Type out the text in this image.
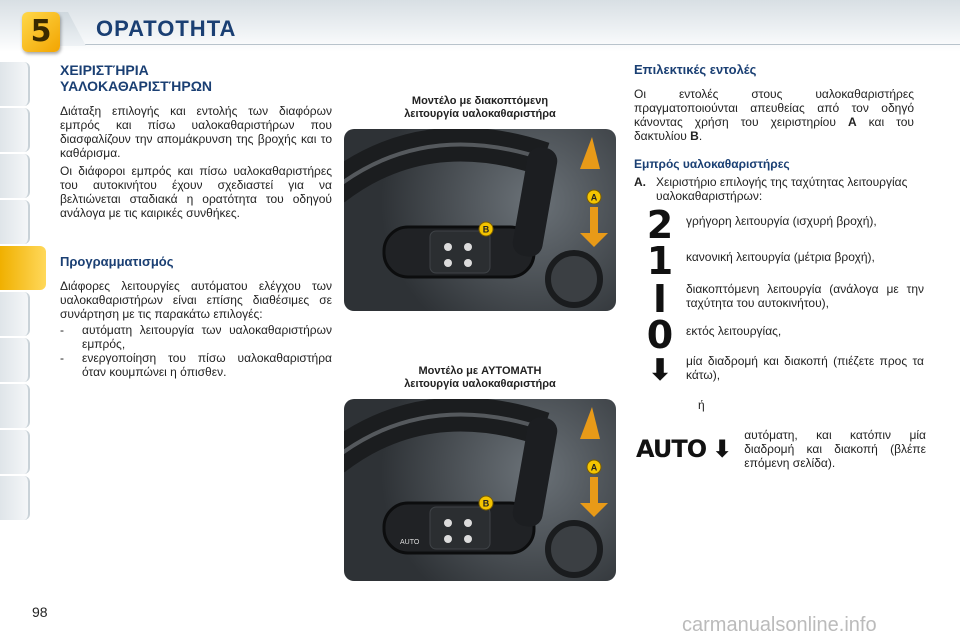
5	ΟΡΑΤΟΤΗΤΑ
ΧΕΙΡΙΣΤΉΡΙΑ
ΥΑΛΟΚΑΘΑΡΙΣΤΉΡΩΝ

Διάταξη επιλογής και εντολής των διαφόρων εμπρός και πίσω υαλοκαθαριστήρων που διασφαλίζουν την απομάκρυνση της βροχής και το καθάρισμα.

Οι διάφοροι εμπρός και πίσω υαλοκαθαριστήρες του αυτοκινήτου έχουν σχεδιαστεί για να βελτιώνεται σταδιακά η ορατότητα του οδηγού ανάλογα με τις καιρικές συνθήκες.

Προγραμματισμός

Διάφορες λειτουργίες αυτόματου ελέγχου των υαλοκαθαριστήρων είναι επίσης διαθέσιμες σε συνάρτηση με τις παρακάτω επιλογές:

- αυτόματη λειτουργία των υαλοκαθαριστήρων εμπρός,
- ενεργοποίηση του πίσω υαλοκαθαριστήρα όταν κουμπώνει η όπισθεν.
Μοντέλο με διακοπτόμενη
λειτουργία υαλοκαθαριστήρα
A
B
Μοντέλο με AYTOMATH
λειτουργία υαλοκαθαριστήρα
AUTO
A
B
Επιλεκτικές εντολές

Οι εντολές στους υαλοκαθαριστήρες πραγματοποιούνται απευθείας από τον οδηγό κάνοντας χρήση του χειριστηρίου A και του δακτυλίου B.

Εμπρός υαλοκαθαριστήρες
A. Χειριστήριο επιλογής της ταχύτητας λειτουργίας υαλοκαθαριστήρων:
2	γρήγορη λειτουργία (ισχυρή βροχή),
1	κανονική λειτουργία (μέτρια βροχή),
I	διακοπτόμενη λειτουργία (ανάλογα με την ταχύτητα του αυτοκινήτου),
0	εκτός λειτουργίας,
⬇	μία διαδρομή και διακοπή (πιέζετε προς τα κάτω),
ή
AUTO ⬇ αυτόματη, και κατόπιν μία διαδρομή και διακοπή (βλέπε επόμενη σελίδα).
98
carmanualsonline.info
